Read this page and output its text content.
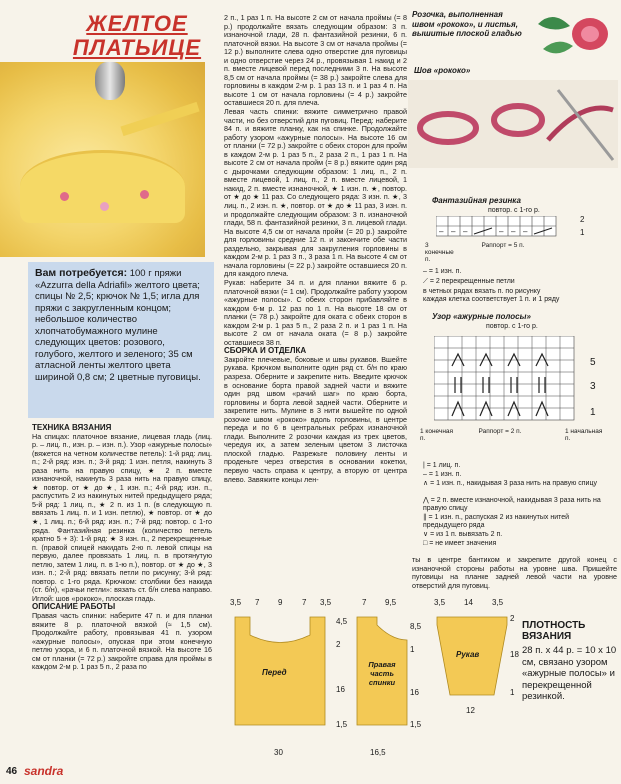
ЖЕЛТОЕ ПЛАТЬИЦЕ
Вам потребуется: 100 г пряжи «Azzurra della Adriafil» желтого цвета; спицы № 2,5; крючок № 1,5; игла для пряжи с закругленным концом; небольшое количество хлопчатобумажного мулине следующих цветов: розового, голубого, желтого и зеленого; 35 см атласной ленты желтого цвета шириной 0,8 см; 2 цветные пуговицы.

ТЕХНИКА ВЯЗАНИЯ

На спицах: платочное вязание, лицевая гладь (лиц. р. – лиц. п., изн. р. – изн. п.). Узор «ажурные полосы» (вяжется на четном количестве петель): 1-й ряд: лиц. п.; 2-й ряд: изн. п.; 3-й ряд: 1 изн. петля, накинуть 3 раза нить на правую спицу, ★ 2 п. вместе изнаночной, накинуть 3 раза нить на правую спицу, ★ повтор. от ★ до ★, 1 изн. п.; 4-й ряд: изн. п., распустить 2 из накинутых нитей предыдущего ряда; 5-й ряд: 1 лиц. п., ★ 2 п. из 1 п. (в следующую п. ввязать 1 лиц. п. и 1 изн. петлю), ★ повтор. от ★ до ★, 1 лиц. п.; 6-й ряд: изн. п.; 7-й ряд: повтор. с 1-го ряда. Фантазийная резинка (количество петель кратно 5 + 3): 1-й ряд: ★ 3 изн. п., 2 перекрещенные п. (правой спицей накидать 2-ю п. левой спицы на первую, далее провязать 1 лиц. п. в протянутую петлю, затем 1 лиц. п. в 1-ю п.), повтор. от ★ до ★, 3 изн. п.; 2-й ряд: ввязать петли по рисунку; 3-й ряд: повтор. с 1-го ряда. Крючком: столбики без накида (ст. б/н), «рачьи петли»: вязать ст. б/н слева направо. Иглой: шов «рококо», плоская гладь.

ОПИСАНИЕ РАБОТЫ

Правая часть спинки: наберите 47 п. и для планки вяжите 8 р. платочной вязкой (≈ 1,5 см). Продолжайте работу, провязывая 41 п. узором «ажурные полосы», опуская при этом конечную петлю узора, и 6 п. платочной вязкой. На высоте 16 см от планки (= 72 р.) закройте справа для проймы в каждом 2-м р. 1 раз 5 п., 2 раза по

2 п., 1 раз 1 п. На высоте 2 см от начала проймы (= 8 р.) продолжайте вязать следующим образом: 3 п. изнаночной глади, 28 п. фантазийной резинки, 6 п. платочной вязки. На высоте 3 см от начала проймы (= 12 р.) выполните слева одно отверстие для пуговицы и одно отверстие через 24 р., провязывая 1 накид и 2 п. вместе лицевой перед последними 3 п. На высоте 8,5 см от начала проймы (= 38 р.) закройте слева для горловины в каждом 2-м р. 1 раз 13 п. и 1 раз 4 п. На высоте 1 см от начала горловины (= 4 р.) закройте оставшиеся 20 п. для плеча.

Левая часть спинки: вяжите симметрично правой части, но без отверстий для пуговиц. Перед: наберите 84 п. и вяжите планку, как на спинке. Продолжайте работу узором «ажурные полосы». На высоте 16 см от планки (= 72 р.) закройте с обеих сторон для пройм в каждом 2-м р. 1 раз 5 п., 2 раза 2 п., 1 раз 1 п. На высоте 2 см от начала пройм (= 8 р.) вяжите один ряд с дырочками следующим образом: 1 лиц. п., 2 п. вместе лицевой, 1 лиц. п., 2 п. вместе лицевой, 1 накид, 2 п. вместе изнаночной, ★ 1 изн. п. ★, повтор. от ★ до ★ 11 раз. Со следующего ряда: 3 изн. п. ★, 3 лиц. п., 2 изн. п. ★, повтор. от ★ до ★ 11 раз, 3 изн. п. и продолжайте следующим образом: 3 п. изнаночной глади, 58 п. фантазийной резинки, 3 п. лицевой глади. На высоте 4,5 см от начала пройм (= 20 р.) закройте для горловины средние 12 п. и закончите обе части раздельно, закрывая для закругления горловины в каждом 2-м р. 1 раз 3 п., 3 раза 1 п. На высоте 4 см от начала горловины (= 22 р.) закройте оставшиеся 20 п. для каждого плеча.

Рукав: наберите 34 п. и для планки вяжите 6 р. платочной вязки (= 1 см). Продолжайте работу узором «ажурные полосы». С обеих сторон прибавляйте в каждом 6-м р. 12 раз по 1 п. На высоте 18 см от планки (= 78 р.) закройте для оката с обеих сторон в каждом 2-м р. 1 раз 5 п., 2 раза 2 п. и 1 раз 1 п. На высоте 2 см от начала оката (= 8 р.) закройте оставшиеся 38 п.

СБОРКА И ОТДЕЛКА

Закройте плечевые, боковые и швы рукавов. Вшейте рукава. Крючком выполните один ряд ст. б/н по краю разреза. Оберните и закрепите нить. Введите крючок в основание борта правой задней части и вяжите один ряд швом «рачий шаг» по краю борта, горловины и борта левой задней части. Оберните и закрепите нить. Мулине в 3 нити вышейте по одной розочке швом «рококо» вдоль горловины, в центре переда и по 6 в центральных ребрах изнаночной глади. Выполните 2 розочки каждая из трех цветов, чередуя их, а затем зеленым цветом 3 листочка плоской гладью. Разрежьте половину ленты и проденьте через отверстия в основании кокетки, первую часть справа к центру, а вторую от центра влево. Завяжите концы лен-

Розочка, выполненная швом «рококо», и листья, вышитые плоской гладью
Шов «рококо»
Фантазийная резинка
повтор. с 1-го р.
– – –	– – –	1
3 конечные п.
Раппорт = 5 п.
2
– = 1 изн. п.
⟋ = 2 перекрещенные петли
в четных рядах вязать п. по рисунку
каждая клетка соответствует 1 п. и 1 ряду
Узор «ажурные полосы»
повтор. с 1-го р.
5
3
1
1 конечная п.
Раппорт = 2 п.	1 начальная п.
| = 1 лиц. п.
– = 1 изн. п.
∧ = 1 изн. п., накидывая 3 раза нить на правую спицу
⋀ = 2 п. вместе изнаночной, накидывая 3 раза нить на правую спицу
∥ = 1 изн. п., распуская 2 из накинутых нитей предыдущего ряда
∨ = из 1 п. вывязать 2 п.
□ = не имеет значения
ты в центре бантиком и закрепите другой конец с изнаночной стороны работы на уровне шва. Пришейте пуговицы на планке задней левой части на уровне отверстий для пуговиц.
3,5 7 9 7 3,5
4,5
2
16
1,5
Перед
30
7 9,5
8,5
1
16
1,5
Правая часть спинки
16,5
3,5 14 3,5
2
18
1
Рукав
12
ПЛОТНОСТЬ ВЯЗАНИЯ
28 п. х 44 р. = 10 х 10 см, связано узором «ажурные полосы» и перекрещенной резинкой.
46 sandra
